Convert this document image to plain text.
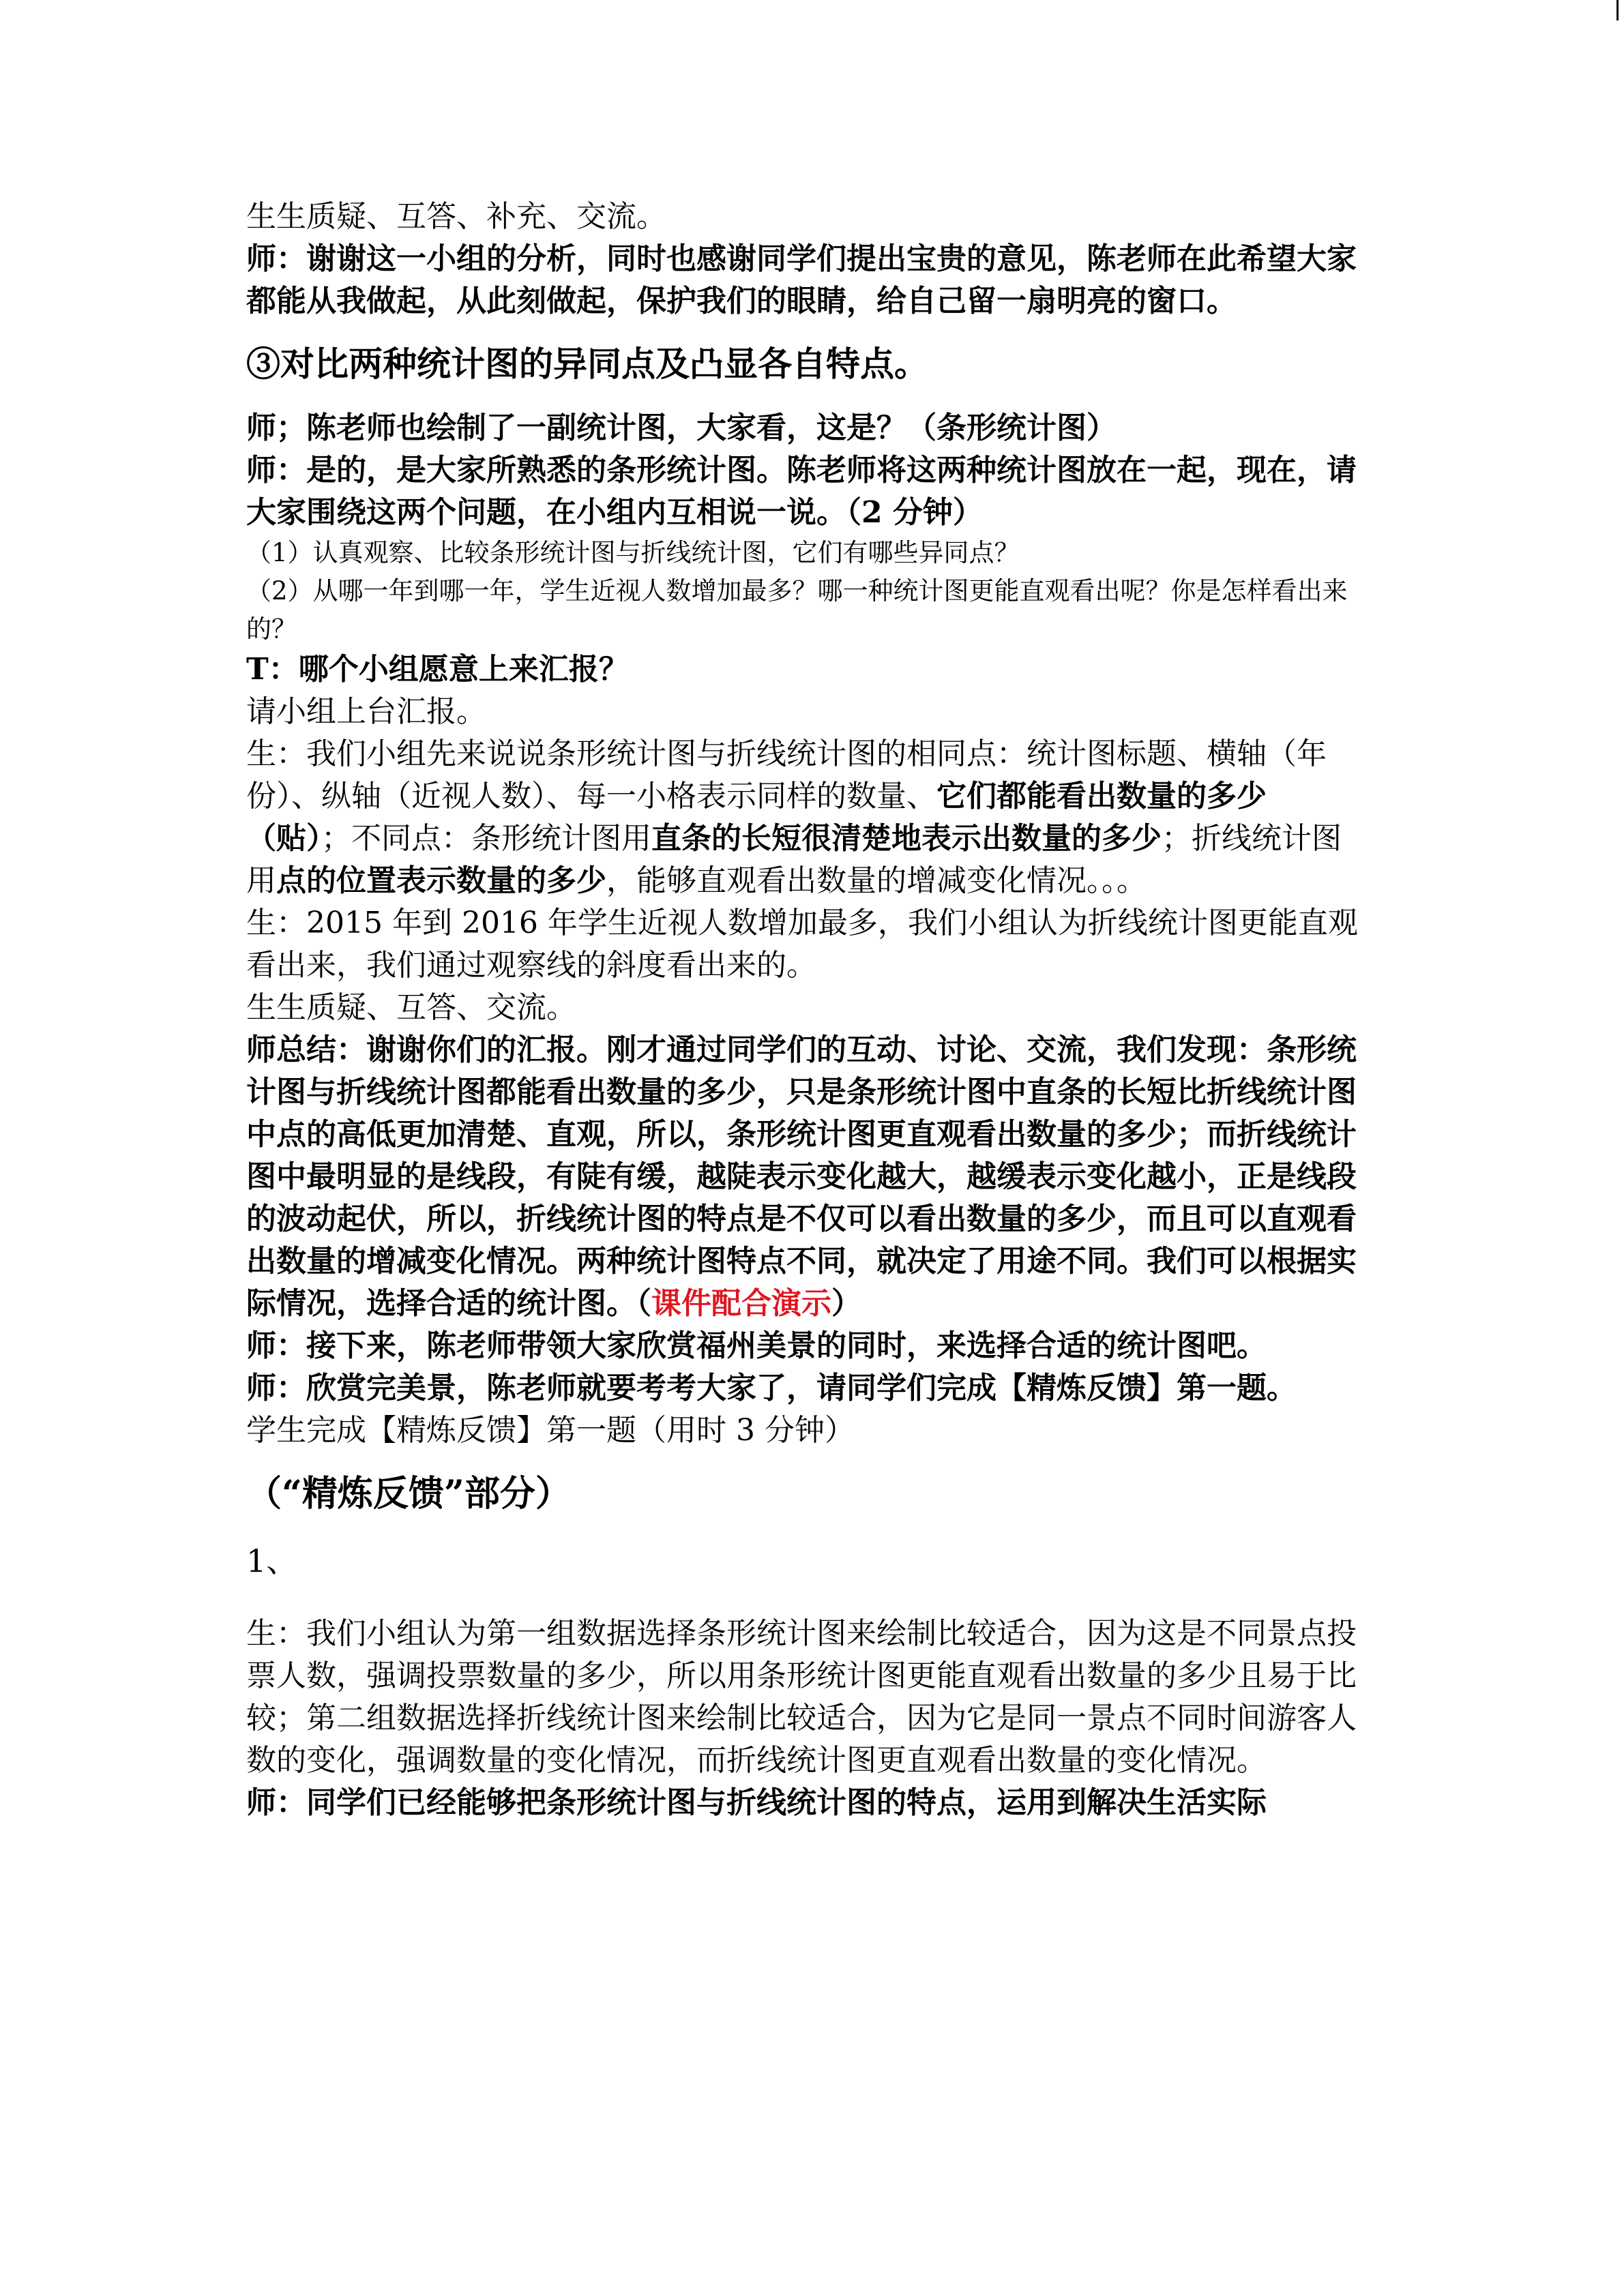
生生质疑、互答、补充、交流。

师：谢谢这一小组的分析，同时也感谢同学们提出宝贵的意见，陈老师在此希望大家都能从我做起，从此刻做起，保护我们的眼睛，给自己留一扇明亮的窗口。

③对比两种统计图的异同点及凸显各自特点。

师；陈老师也绘制了一副统计图，大家看，这是？（条形统计图）

师：是的，是大家所熟悉的条形统计图。陈老师将这两种统计图放在一起，现在，请大家围绕这两个问题，在小组内互相说一说。（2 分钟）

（1）认真观察、比较条形统计图与折线统计图，它们有哪些异同点？

（2）从哪一年到哪一年，学生近视人数增加最多？哪一种统计图更能直观看出呢？你是怎样看出来的？

T：哪个小组愿意上来汇报？

请小组上台汇报。

生：我们小组先来说说条形统计图与折线统计图的相同点：统计图标题、横轴（年份）、纵轴（近视人数）、每一小格表示同样的数量、它们都能看出数量的多少（贴）；不同点：条形统计图用直条的长短很清楚地表示出数量的多少；折线统计图用点的位置表示数量的多少，能够直观看出数量的增减变化情况。。。

生：2015 年到 2016 年学生近视人数增加最多，我们小组认为折线统计图更能直观看出来，我们通过观察线的斜度看出来的。

生生质疑、互答、交流。

师总结：谢谢你们的汇报。刚才通过同学们的互动、讨论、交流，我们发现：条形统计图与折线统计图都能看出数量的多少，只是条形统计图中直条的长短比折线统计图中点的高低更加清楚、直观，所以，条形统计图更直观看出数量的多少；而折线统计图中最明显的是线段，有陡有缓，越陡表示变化越大，越缓表示变化越小，正是线段的波动起伏，所以，折线统计图的特点是不仅可以看出数量的多少，而且可以直观看出数量的增减变化情况。两种统计图特点不同，就决定了用途不同。我们可以根据实际情况，选择合适的统计图。（课件配合演示）

师：接下来，陈老师带领大家欣赏福州美景的同时，来选择合适的统计图吧。

师：欣赏完美景，陈老师就要考考大家了，请同学们完成【精炼反馈】第一题。

学生完成【精炼反馈】第一题（用时 3 分钟）

（“精炼反馈”部分）

1、

生：我们小组认为第一组数据选择条形统计图来绘制比较适合，因为这是不同景点投票人数，强调投票数量的多少，所以用条形统计图更能直观看出数量的多少且易于比较；第二组数据选择折线统计图来绘制比较适合，因为它是同一景点不同时间游客人数的变化，强调数量的变化情况，而折线统计图更直观看出数量的变化情况。

师：同学们已经能够把条形统计图与折线统计图的特点，运用到解决生活实际
